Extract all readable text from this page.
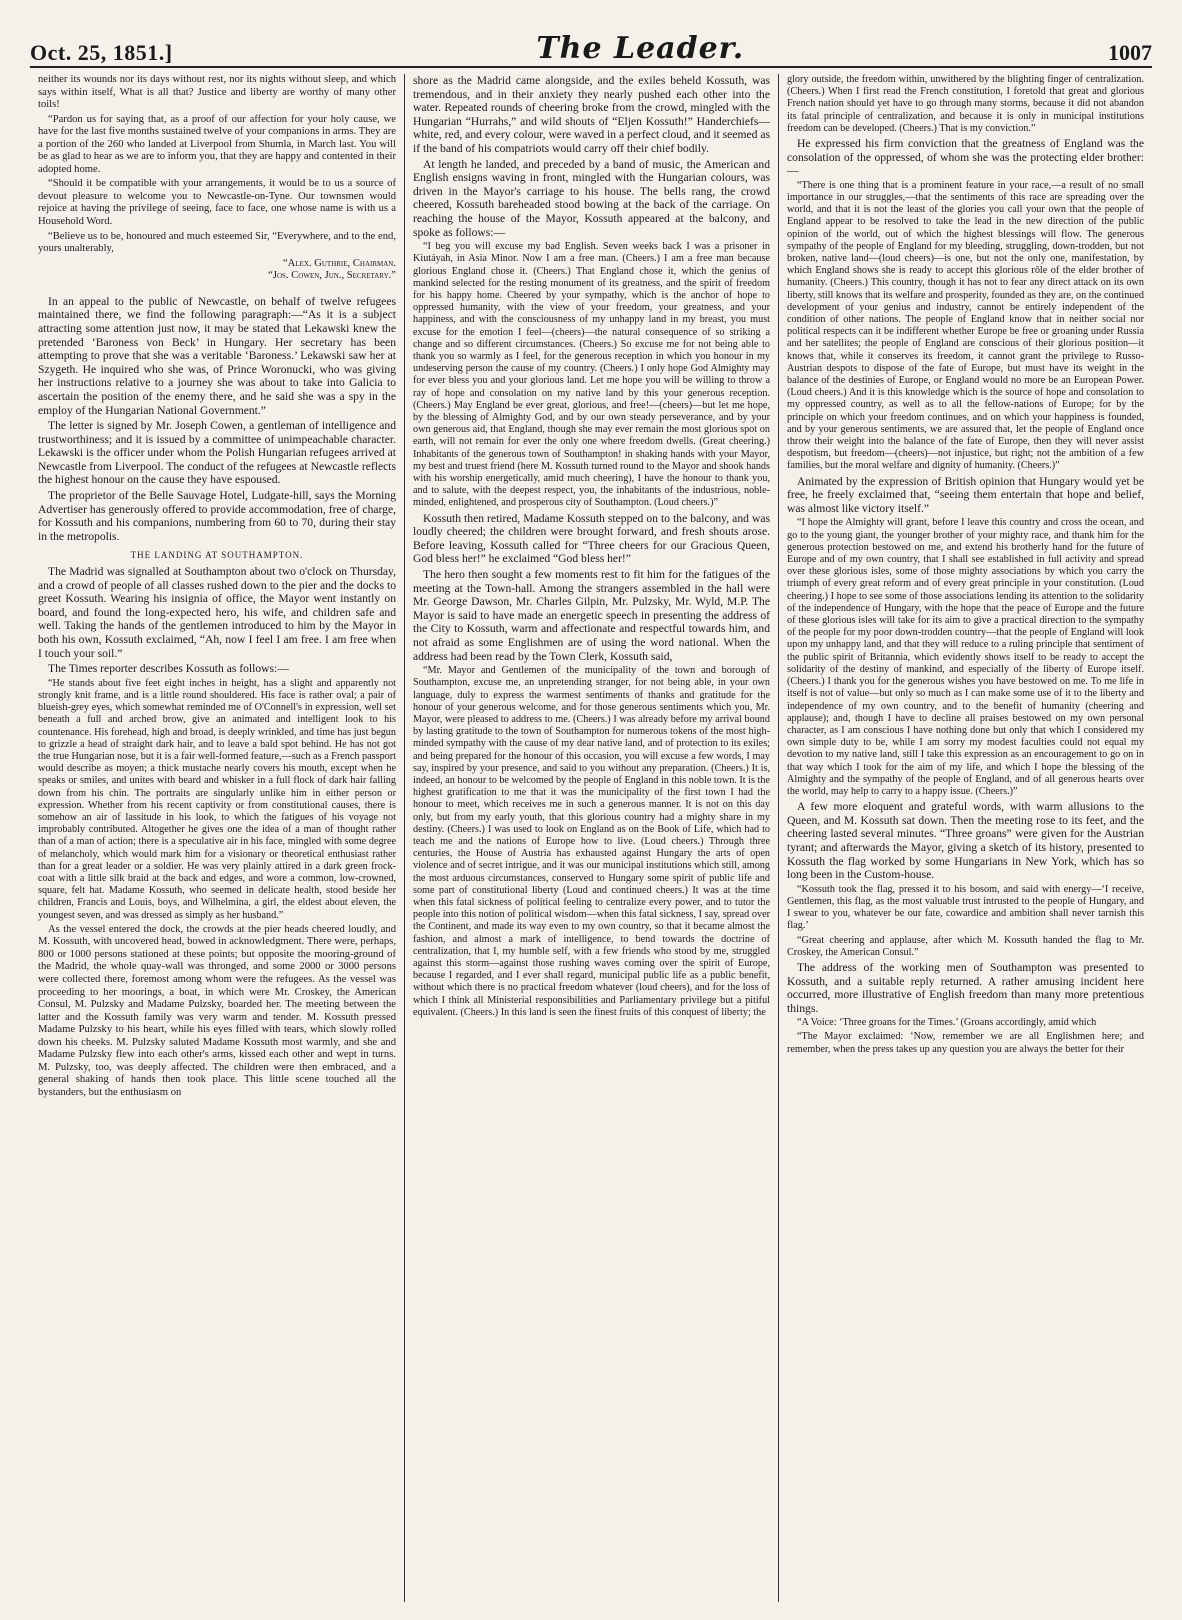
Oct. 25, 1851.]	The Leader.	1007

neither its wounds nor its days without rest, nor its nights without sleep, and which says within itself, What is all that? Justice and liberty are worthy of many other toils!

“Pardon us for saying that, as a proof of our affection for your holy cause, we have for the last five months sustained twelve of your companions in arms. They are a portion of the 260 who landed at Liverpool from Shumla, in March last. You will be as glad to hear as we are to inform you, that they are happy and contented in their adopted home.

“Should it be compatible with your arrangements, it would be to us a source of devout pleasure to welcome you to Newcastle-on-Tyne. Our townsmen would rejoice at having the privilege of seeing, face to face, one whose name is with us a Household Word.

“Believe us to be, honoured and much esteemed Sir, “Everywhere, and to the end, yours unalterably,

“Alex. Guthrie, Chairman.

“Jos. Cowen, Jun., Secretary.”

In an appeal to the public of Newcastle, on behalf of twelve refugees maintained there, we find the following paragraph:—“As it is a subject attracting some attention just now, it may be stated that Lekawski knew the pretended ‘Baroness von Beck’ in Hungary. Her secretary has been attempting to prove that she was a veritable ‘Baroness.’ Lekawski saw her at Szygeth. He inquired who she was, of Prince Woronucki, who was giving her instructions relative to a journey she was about to take into Galicia to ascertain the position of the enemy there, and he said she was a spy in the employ of the Hungarian National Government.”

The letter is signed by Mr. Joseph Cowen, a gentleman of intelligence and trustworthiness; and it is issued by a committee of unimpeachable character. Lekawski is the officer under whom the Polish Hungarian refugees arrived at Newcastle from Liverpool. The conduct of the refugees at Newcastle reflects the highest honour on the cause they have espoused.

The proprietor of the Belle Sauvage Hotel, Ludgate-hill, says the Morning Advertiser has generously offered to provide accommodation, free of charge, for Kossuth and his companions, numbering from 60 to 70, during their stay in the metropolis.

THE LANDING AT SOUTHAMPTON.

The Madrid was signalled at Southampton about two o'clock on Thursday, and a crowd of people of all classes rushed down to the pier and the docks to greet Kossuth. Wearing his insignia of office, the Mayor went instantly on board, and found the long-expected hero, his wife, and children safe and well. Taking the hands of the gentlemen introduced to him by the Mayor in both his own, Kossuth exclaimed, “Ah, now I feel I am free. I am free when I touch your soil.”

The Times reporter describes Kossuth as follows:—

“He stands about five feet eight inches in height, has a slight and apparently not strongly knit frame, and is a little round shouldered. His face is rather oval; a pair of blueish-grey eyes, which somewhat reminded me of O'Connell's in expression, well set beneath a full and arched brow, give an animated and intelligent look to his countenance. His forehead, high and broad, is deeply wrinkled, and time has just begun to grizzle a head of straight dark hair, and to leave a bald spot behind. He has not got the true Hungarian nose, but it is a fair well-formed feature,—such as a French passport would describe as moyen; a thick mustache nearly covers his mouth, except when he speaks or smiles, and unites with beard and whisker in a full flock of dark hair falling down from his chin. The portraits are singularly unlike him in either person or expression. Whether from his recent captivity or from constitutional causes, there is somehow an air of lassitude in his look, to which the fatigues of his voyage not improbably contributed. Altogether he gives one the idea of a man of thought rather than of a man of action; there is a speculative air in his face, mingled with some degree of melancholy, which would mark him for a visionary or theoretical enthusiast rather than for a great leader or a soldier. He was very plainly attired in a dark green frock-coat with a little silk braid at the back and edges, and wore a common, low-crowned, square, felt hat. Madame Kossuth, who seemed in delicate health, stood beside her children, Francis and Louis, boys, and Wilhelmina, a girl, the eldest about eleven, the youngest seven, and was dressed as simply as her husband.”

As the vessel entered the dock, the crowds at the pier heads cheered loudly, and M. Kossuth, with uncovered head, bowed in acknowledgment. There were, perhaps, 800 or 1000 persons stationed at these points; but opposite the mooring-ground of the Madrid, the whole quay-wall was thronged, and some 2000 or 3000 persons were collected there, foremost among whom were the refugees. As the vessel was proceeding to her moorings, a boat, in which were Mr. Croskey, the American Consul, M. Pulzsky and Madame Pulzsky, boarded her. The meeting between the latter and the Kossuth family was very warm and tender. M. Kossuth pressed Madame Pulzsky to his heart, while his eyes filled with tears, which slowly rolled down his cheeks. M. Pulzsky saluted Madame Kossuth most warmly, and she and Madame Pulzsky flew into each other's arms, kissed each other and wept in turns. M. Pulzsky, too, was deeply affected. The children were then embraced, and a general shaking of hands then took place. This little scene touched all the bystanders, but the enthusiasm on

shore as the Madrid came alongside, and the exiles beheld Kossuth, was tremendous, and in their anxiety they nearly pushed each other into the water. Repeated rounds of cheering broke from the crowd, mingled with the Hungarian “Hurrahs,” and wild shouts of “Eljen Kossuth!” Handerchiefs—white, red, and every colour, were waved in a perfect cloud, and it seemed as if the band of his compatriots would carry off their chief bodily.

At length he landed, and preceded by a band of music, the American and English ensigns waving in front, mingled with the Hungarian colours, was driven in the Mayor's carriage to his house. The bells rang, the crowd cheered, Kossuth bareheaded stood bowing at the back of the carriage. On reaching the house of the Mayor, Kossuth appeared at the balcony, and spoke as follows:—

“I beg you will excuse my bad English. Seven weeks back I was a prisoner in Kiutáyah, in Asia Minor. Now I am a free man. (Cheers.) I am a free man because glorious England chose it. (Cheers.) That England chose it, which the genius of mankind selected for the resting monument of its greatness, and the spirit of freedom for his happy home. Cheered by your sympathy, which is the anchor of hope to oppressed humanity, with the view of your freedom, your greatness, and your happiness, and with the consciousness of my unhappy land in my breast, you must excuse for the emotion I feel—(cheers)—the natural consequence of so striking a change and so different circumstances. (Cheers.) So excuse me for not being able to thank you so warmly as I feel, for the generous reception in which you honour in my undeserving person the cause of my country. (Cheers.) I only hope God Almighty may for ever bless you and your glorious land. Let me hope you will be willing to throw a ray of hope and consolation on my native land by this your generous reception. (Cheers.) May England be ever great, glorious, and free!—(cheers)—but let me hope, by the blessing of Almighty God, and by our own steady perseverance, and by your own generous aid, that England, though she may ever remain the most glorious spot on earth, will not remain for ever the only one where freedom dwells. (Great cheering.) Inhabitants of the generous town of Southampton! in shaking hands with your Mayor, my best and truest friend (here M. Kossuth turned round to the Mayor and shook hands with his worship energetically, amid much cheering), I have the honour to thank you, and to salute, with the deepest respect, you, the inhabitants of the industrious, noble-minded, enlightened, and prosperous city of Southampton. (Loud cheers.)”

Kossuth then retired, Madame Kossuth stepped on to the balcony, and was loudly cheered; the children were brought forward, and fresh shouts arose. Before leaving, Kossuth called for “Three cheers for our Gracious Queen, God bless her!” he exclaimed “God bless her!”

The hero then sought a few moments rest to fit him for the fatigues of the meeting at the Town-hall. Among the strangers assembled in the hall were Mr. George Dawson, Mr. Charles Gilpin, Mr. Pulzsky, Mr. Wyld, M.P. The Mayor is said to have made an energetic speech in presenting the address of the City to Kossuth, warm and affectionate and respectful towards him, and not afraid as some Englishmen are of using the word national. When the address had been read by the Town Clerk, Kossuth said,

“Mr. Mayor and Gentlemen of the municipality of the town and borough of Southampton, excuse me, an unpretending stranger, for not being able, in your own language, duly to express the warmest sentiments of thanks and gratitude for the honour of your generous welcome, and for those generous sentiments which you, Mr. Mayor, were pleased to address to me. (Cheers.) I was already before my arrival bound by lasting gratitude to the town of Southampton for numerous tokens of the most high-minded sympathy with the cause of my dear native land, and of protection to its exiles; and being prepared for the honour of this occasion, you will excuse a few words, I may say, inspired by your presence, and said to you without any preparation. (Cheers.) It is, indeed, an honour to be welcomed by the people of England in this noble town. It is the highest gratification to me that it was the municipality of the first town I had the honour to meet, which receives me in such a generous manner. It is not on this day only, but from my early youth, that this glorious country had a mighty share in my destiny. (Cheers.) I was used to look on England as on the Book of Life, which had to teach me and the nations of Europe how to live. (Loud cheers.) Through three centuries, the House of Austria has exhausted against Hungary the arts of open violence and of secret intrigue, and it was our municipal institutions which still, among the most arduous circumstances, conserved to Hungary some spirit of public life and some part of constitutional liberty (Loud and continued cheers.) It was at the time when this fatal sickness of political feeling to centralize every power, and to tutor the people into this notion of political wisdom—when this fatal sickness, I say, spread over the Continent, and made its way even to my own country, so that it became almost the fashion, and almost a mark of intelligence, to bend towards the doctrine of centralization, that I, my humble self, with a few friends who stood by me, struggled against this storm—against those rushing waves coming over the spirit of Europe, because I regarded, and I ever shall regard, municipal public life as a public benefit, without which there is no practical freedom whatever (loud cheers), and for the loss of which I think all Ministerial responsibilities and Parliamentary privilege but a pitiful equivalent. (Cheers.) In this land is seen the finest fruits of this conquest of liberty; the

glory outside, the freedom within, unwithered by the blighting finger of centralization. (Cheers.) When I first read the French constitution, I foretold that great and glorious French nation should yet have to go through many storms, because it did not abandon its fatal principle of centralization, and because it is only in municipal institutions freedom can be developed. (Cheers.) That is my conviction.”

He expressed his firm conviction that the greatness of England was the consolation of the oppressed, of whom she was the protecting elder brother:—

“There is one thing that is a prominent feature in your race,—a result of no small importance in our struggles,—that the sentiments of this race are spreading over the world, and that it is not the least of the glories you call your own that the people of England appear to be resolved to take the lead in the new direction of the public opinion of the world, out of which the highest blessings will flow. The generous sympathy of the people of England for my bleeding, struggling, down-trodden, but not broken, native land—(loud cheers)—is one, but not the only one, manifestation, by which England shows she is ready to accept this glorious rôle of the elder brother of humanity. (Cheers.) This country, though it has not to fear any direct attack on its own liberty, still knows that its welfare and prosperity, founded as they are, on the continued development of your genius and industry, cannot be entirely independent of the condition of other nations. The people of England know that in neither social nor political respects can it be indifferent whether Europe be free or groaning under Russia and her satellites; the people of England are conscious of their glorious position—it knows that, while it conserves its freedom, it cannot grant the privilege to Russo-Austrian despots to dispose of the fate of Europe, but must have its weight in the balance of the destinies of Europe, or England would no more be an European Power. (Loud cheers.) And it is this knowledge which is the source of hope and consolation to my oppressed country, as well as to all the fellow-nations of Europe; for by the principle on which your freedom continues, and on which your happiness is founded, and by your generous sentiments, we are assured that, let the people of England once throw their weight into the balance of the fate of Europe, then they will never assist despotism, but freedom—(cheers)—not injustice, but right; not the ambition of a few families, but the moral welfare and dignity of humanity. (Cheers.)”

Animated by the expression of British opinion that Hungary would yet be free, he freely exclaimed that, “seeing them entertain that hope and belief, was almost like victory itself.”

“I hope the Almighty will grant, before I leave this country and cross the ocean, and go to the young giant, the younger brother of your mighty race, and thank him for the generous protection bestowed on me, and extend his brotherly hand for the future of Europe and of my own country, that I shall see established in full activity and spread over these glorious isles, some of those mighty associations by which you carry the triumph of every great reform and of every great principle in your constitution. (Loud cheering.) I hope to see some of those associations lending its attention to the solidarity of the independence of Hungary, with the hope that the peace of Europe and the future of these glorious isles will take for its aim to give a practical direction to the sympathy of the people for my poor down-trodden country—that the people of England will look upon my unhappy land, and that they will reduce to a ruling principle that sentiment of the public spirit of Britannia, which evidently shows itself to be ready to accept the solidarity of the destiny of mankind, and especially of the liberty of Europe itself. (Cheers.) I thank you for the generous wishes you have bestowed on me. To me life in itself is not of value—but only so much as I can make some use of it to the liberty and independence of my own country, and to the benefit of humanity (cheering and applause); and, though I have to decline all praises bestowed on my own personal character, as I am conscious I have nothing done but only that which I considered my own simple duty to be, while I am sorry my modest faculties could not equal my devotion to my native land, still I take this expression as an encouragement to go on in that way which I took for the aim of my life, and which I hope the blessing of the Almighty and the sympathy of the people of England, and of all generous hearts over the world, may help to carry to a happy issue. (Cheers.)”

A few more eloquent and grateful words, with warm allusions to the Queen, and M. Kossuth sat down. Then the meeting rose to its feet, and the cheering lasted several minutes. “Three groans” were given for the Austrian tyrant; and afterwards the Mayor, giving a sketch of its history, presented to Kossuth the flag worked by some Hungarians in New York, which has so long been in the Custom-house.

“Kossuth took the flag, pressed it to his bosom, and said with energy—‘I receive, Gentlemen, this flag, as the most valuable trust intrusted to the people of Hungary, and I swear to you, whatever be our fate, cowardice and ambition shall never tarnish this flag.’

“Great cheering and applause, after which M. Kossuth handed the flag to Mr. Croskey, the American Consul.”

The address of the working men of Southampton was presented to Kossuth, and a suitable reply returned. A rather amusing incident here occurred, more illustrative of English freedom than many more pretentious things.

“A Voice: ‘Three groans for the Times.’ (Groans accordingly, amid which

“The Mayor exclaimed: ‘Now, remember we are all Englishmen here; and remember, when the press takes up any question you are always the better for their
